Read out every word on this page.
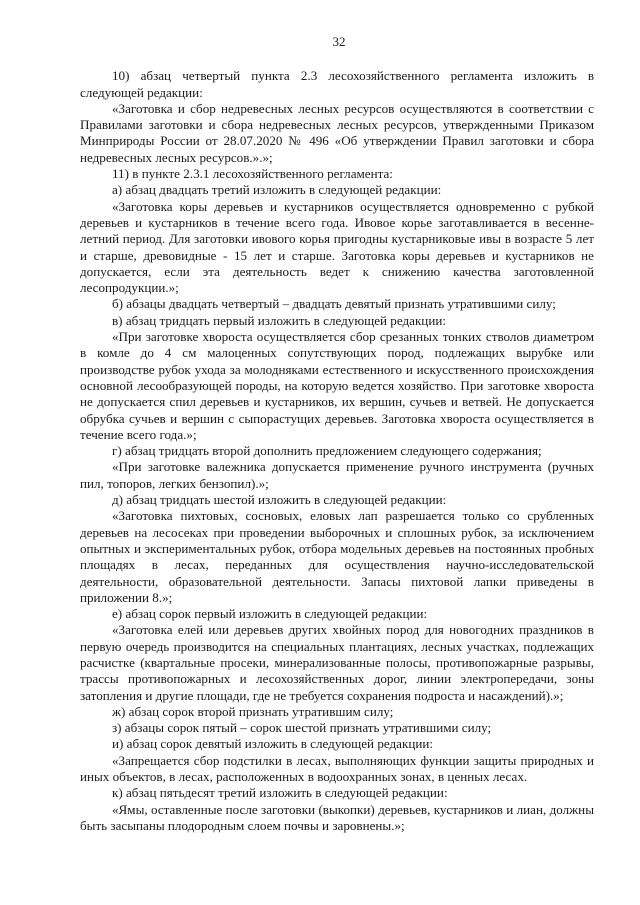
32

10) абзац четвертый пункта 2.3 лесохозяйственного регламента изложить в следующей редакции:

«Заготовка и сбор недревесных лесных ресурсов осуществляются в соответствии с Правилами заготовки и сбора недревесных лесных ресурсов, утвержденными Приказом Минприроды России от 28.07.2020 № 496 «Об утверждении Правил заготовки и сбора недревесных лесных ресурсов.».»;

11) в пункте 2.3.1 лесохозяйственного регламента:

а) абзац двадцать третий изложить в следующей редакции:

«Заготовка коры деревьев и кустарников осуществляется одновременно с рубкой деревьев и кустарников в течение всего года. Ивовое корье заготавливается в весенне-летний период. Для заготовки ивового корья пригодны кустарниковые ивы в возрасте 5 лет и старше, древовидные - 15 лет и старше. Заготовка коры деревьев и кустарников не допускается, если эта деятельность ведет к снижению качества заготовленной лесопродукции.»;

б) абзацы двадцать четвертый – двадцать девятый признать утратившими силу;

в) абзац тридцать первый изложить в следующей редакции:

«При заготовке хвороста осуществляется сбор срезанных тонких стволов диаметром в комле до 4 см малоценных сопутствующих пород, подлежащих вырубке или производстве рубок ухода за молодняками естественного и искусственного происхождения основной лесообразующей породы, на которую ведется хозяйство. При заготовке хвороста не допускается спил деревьев и кустарников, их вершин, сучьев и ветвей. Не допускается обрубка сучьев и вершин с сыпорастущих деревьев. Заготовка хвороста осуществляется в течение всего года.»;

г) абзац тридцать второй дополнить предложением следующего содержания;

«При заготовке валежника допускается применение ручного инструмента (ручных пил, топоров, легких бензопил).»;

д) абзац тридцать шестой изложить в следующей редакции:

«Заготовка пихтовых, сосновых, еловых лап разрешается только со срубленных деревьев на лесосеках при проведении выборочных и сплошных рубок, за исключением опытных и экспериментальных рубок, отбора модельных деревьев на постоянных пробных площадях в лесах, переданных для осуществления научно-исследовательской деятельности, образовательной деятельности. Запасы пихтовой лапки приведены в приложении 8.»;

е) абзац сорок первый изложить в следующей редакции:

«Заготовка елей или деревьев других хвойных пород для новогодних праздников в первую очередь производится на специальных плантациях, лесных участках, подлежащих расчистке (квартальные просеки, минерализованные полосы, противопожарные разрывы, трассы противопожарных и лесохозяйственных дорог, линии электропередачи, зоны затопления и другие площади, где не требуется сохранения подроста и насаждений).»;

ж) абзац сорок второй признать утратившим силу;

з) абзацы сорок пятый – сорок шестой признать утратившими силу;

и) абзац сорок девятый изложить в следующей редакции:

«Запрещается сбор подстилки в лесах, выполняющих функции защиты природных и иных объектов, в лесах, расположенных в водоохранных зонах, в ценных лесах.

к) абзац пятьдесят третий изложить в следующей редакции:

«Ямы, оставленные после заготовки (выкопки) деревьев, кустарников и лиан, должны быть засыпаны плодородным слоем почвы и заровнены.»;
